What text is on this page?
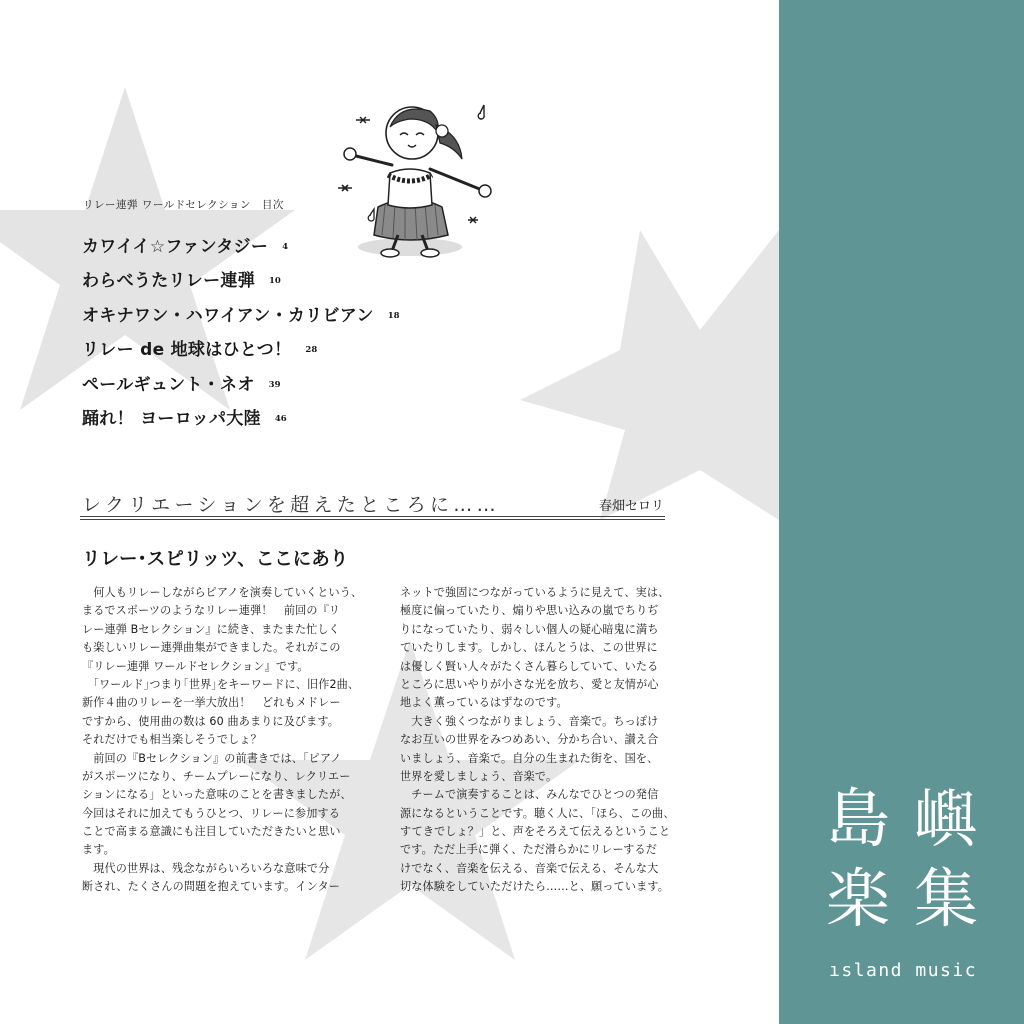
リレー連弾 ワールドセレクション　目次
カワイイ☆ファンタジー 4
わらべうたリレー連弾 10
オキナワン・ハワイアン・カリビアン 18
リレー de 地球はひとつ！ 28
ペールギュント・ネオ 39
踊れ！ ヨーロッパ大陸 46
レクリエーションを超えたところに……	春畑セロリ
リレー･スピリッツ、ここにあり
　何人もリレーしながらピアノを演奏していくという、
まるでスポーツのようなリレー連弾！　前回の『リ
レー連弾 Bセレクション』に続き、またまた忙しく
も楽しいリレー連弾曲集ができました。それがこの
『リレー連弾 ワールドセレクション』です。
　｢ワールド｣つまり｢世界｣をキーワードに、旧作2曲、
新作４曲のリレーを一挙大放出！　どれもメドレー
ですから、使用曲の数は 60 曲あまりに及びます。
それだけでも相当楽しそうでしょ？
　前回の『Bセレクション』の前書きでは、「ピアノ
がスポーツになり、チームプレーになり、レクリエー
ションになる」といった意味のことを書きましたが、
今回はそれに加えてもうひとつ、リレーに参加する
ことで高まる意識にも注目していただきたいと思い
ます。
　現代の世界は、残念ながらいろいろな意味で分
断され、たくさんの問題を抱えています。インター
ネットで強固につながっているように見えて、実は、
極度に偏っていたり、煽りや思い込みの嵐でちりぢ
りになっていたり、弱々しい個人の疑心暗鬼に満ち
ていたりします。しかし、ほんとうは、この世界に
は優しく賢い人々がたくさん暮らしていて、いたる
ところに思いやりが小さな光を放ち、愛と友情が心
地よく薫っているはずなのです。
　大きく強くつながりましょう、音楽で。ちっぽけ
なお互いの世界をみつめあい、分かち合い、讃え合
いましょう、音楽で。自分の生まれた街を、国を、
世界を愛しましょう、音楽で。
　チームで演奏することは、みんなでひとつの発信
源になるということです。聴く人に、「ほら、この曲、
すてきでしょ？」と、声をそろえて伝えるということ
です。ただ上手に弾く、ただ滑らかにリレーするだ
けでなく、音楽を伝える、音楽で伝える、そんな大
切な体験をしていただけたら……と、願っています。
島嶼
楽集
ısland music
